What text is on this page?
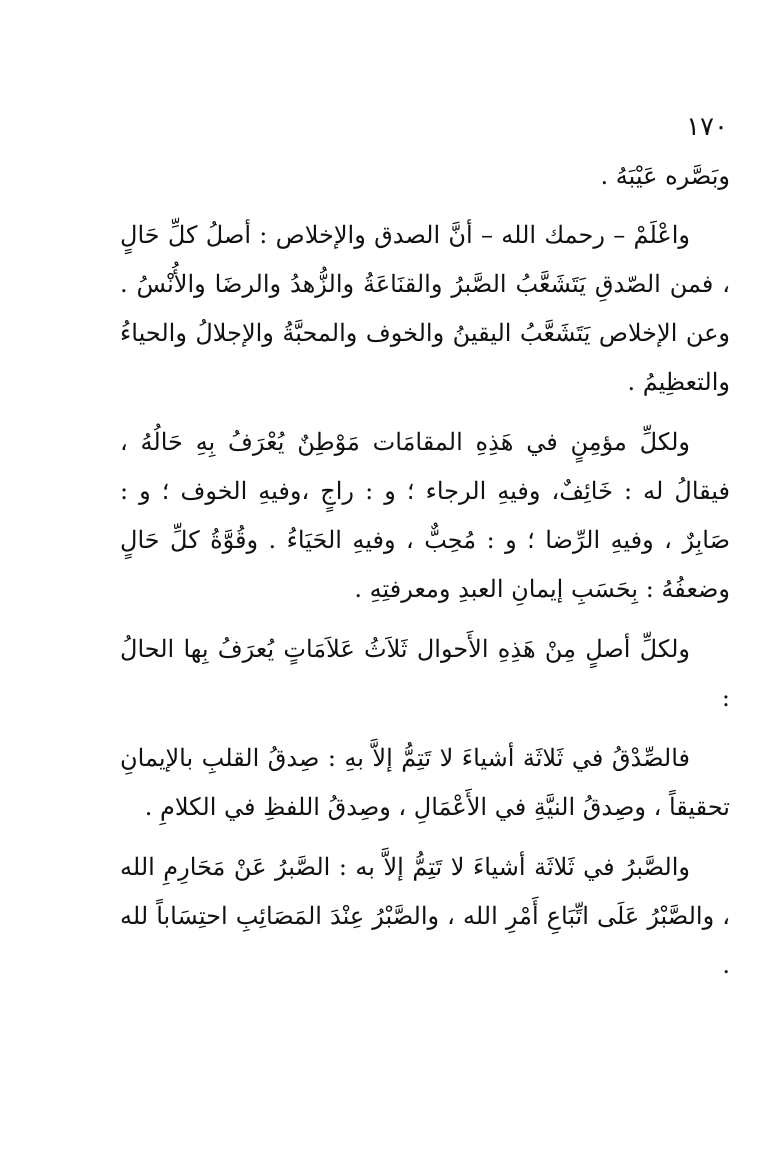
١٧٠

وبَصَّره عَيْبَهُ .

واعْلَمْ – رحمك الله – أنَّ الصدق والإخلاص : أصلُ كلِّ حَالٍ ، فمن الصّدقِ يَتَشَعَّبُ الصَّبرُ والقنَاعَةُ والزُّهدُ والرضَا والأُنْسُ . وعن الإخلاص يَتَشَعَّبُ اليقينُ والخوف والمحبَّةُ والإجلالُ والحياءُ والتعظِيمُ .

ولكلِّ مؤمِنٍ في هَذِهِ المقامَات مَوْطِنٌ يُعْرَفُ بِهِ حَالُهُ ، فيقالُ له : خَائِفٌ، وفيهِ الرجاء ؛ و : راجٍ ،وفيهِ الخوف ؛ و : صَابِرٌ ، وفيهِ الرِّضا ؛ و : مُحِبٌّ ، وفيهِ الحَيَاءُ . وقُوَّةُ كلِّ حَالٍ وضعفُهُ : بِحَسَبِ إيمانِ العبدِ ومعرفتِهِ .

ولكلِّ أصلٍ مِنْ هَذِهِ الأَحوال ثَلاَثُ عَلاَمَاتٍ يُعرَفُ بِها الحالُ :

فالصِّدْقُ في ثَلاثَة أشياءَ لا تَتِمُّ إلاَّ بهِ : صِدقُ القلبِ بالإيمانِ تحقيقاً ، وصِدقُ النيَّةِ في الأَعْمَالِ ، وصِدقُ اللفظِ في الكلامِ .

والصَّبرُ في ثَلاثَة أشياءَ لا تَتِمُّ إلاَّ به : الصَّبرُ عَنْ مَحَارِمِ الله ، والصَّبْرُ عَلَى اتِّبَاعِ أَمْرِ الله ، والصَّبْرُ عِنْدَ المَصَائِبِ احتِسَاباً لله .
